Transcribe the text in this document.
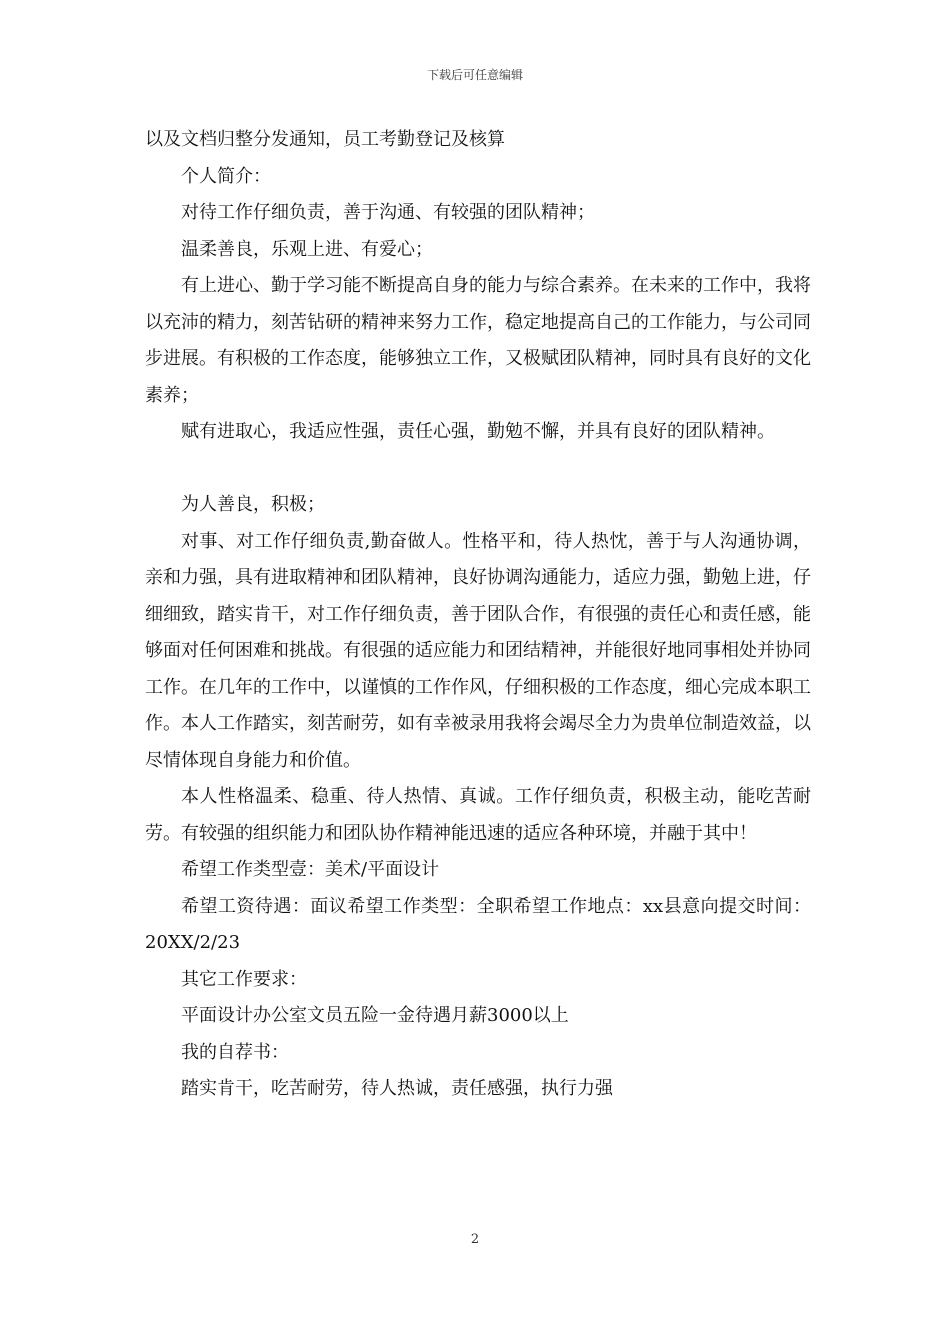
下载后可任意编辑

以及文档归整分发通知，员工考勤登记及核算

个人简介：

对待工作仔细负责，善于沟通、有较强的团队精神；

温柔善良，乐观上进、有爱心；

有上进心、勤于学习能不断提高自身的能力与综合素养。在未来的工作中，我将以充沛的精力，刻苦钻研的精神来努力工作，稳定地提高自己的工作能力，与公司同步进展。有积极的工作态度，能够独立工作，又极赋团队精神，同时具有良好的文化素养；

赋有进取心，我适应性强，责任心强，勤勉不懈，并具有良好的团队精神。

为人善良，积极；

对事、对工作仔细负责,勤奋做人。性格平和，待人热忱，善于与人沟通协调，亲和力强，具有进取精神和团队精神，良好协调沟通能力，适应力强，勤勉上进，仔细细致，踏实肯干，对工作仔细负责，善于团队合作，有很强的责任心和责任感，能够面对任何困难和挑战。有很强的适应能力和团结精神，并能很好地同事相处并协同工作。在几年的工作中，以谨慎的工作作风，仔细积极的工作态度，细心完成本职工作。本人工作踏实，刻苦耐劳，如有幸被录用我将会竭尽全力为贵单位制造效益，以尽情体现自身能力和价值。

本人性格温柔、稳重、待人热情、真诚。工作仔细负责，积极主动，能吃苦耐劳。有较强的组织能力和团队协作精神能迅速的适应各种环境，并融于其中！

希望工作类型壹：美术/平面设计

希望工资待遇：面议希望工作类型：全职希望工作地点：xx县意向提交时间：20XX/2/23

其它工作要求：

平面设计办公室文员五险一金待遇月薪3000以上

我的自荐书：

踏实肯干，吃苦耐劳，待人热诚，责任感强，执行力强

2
